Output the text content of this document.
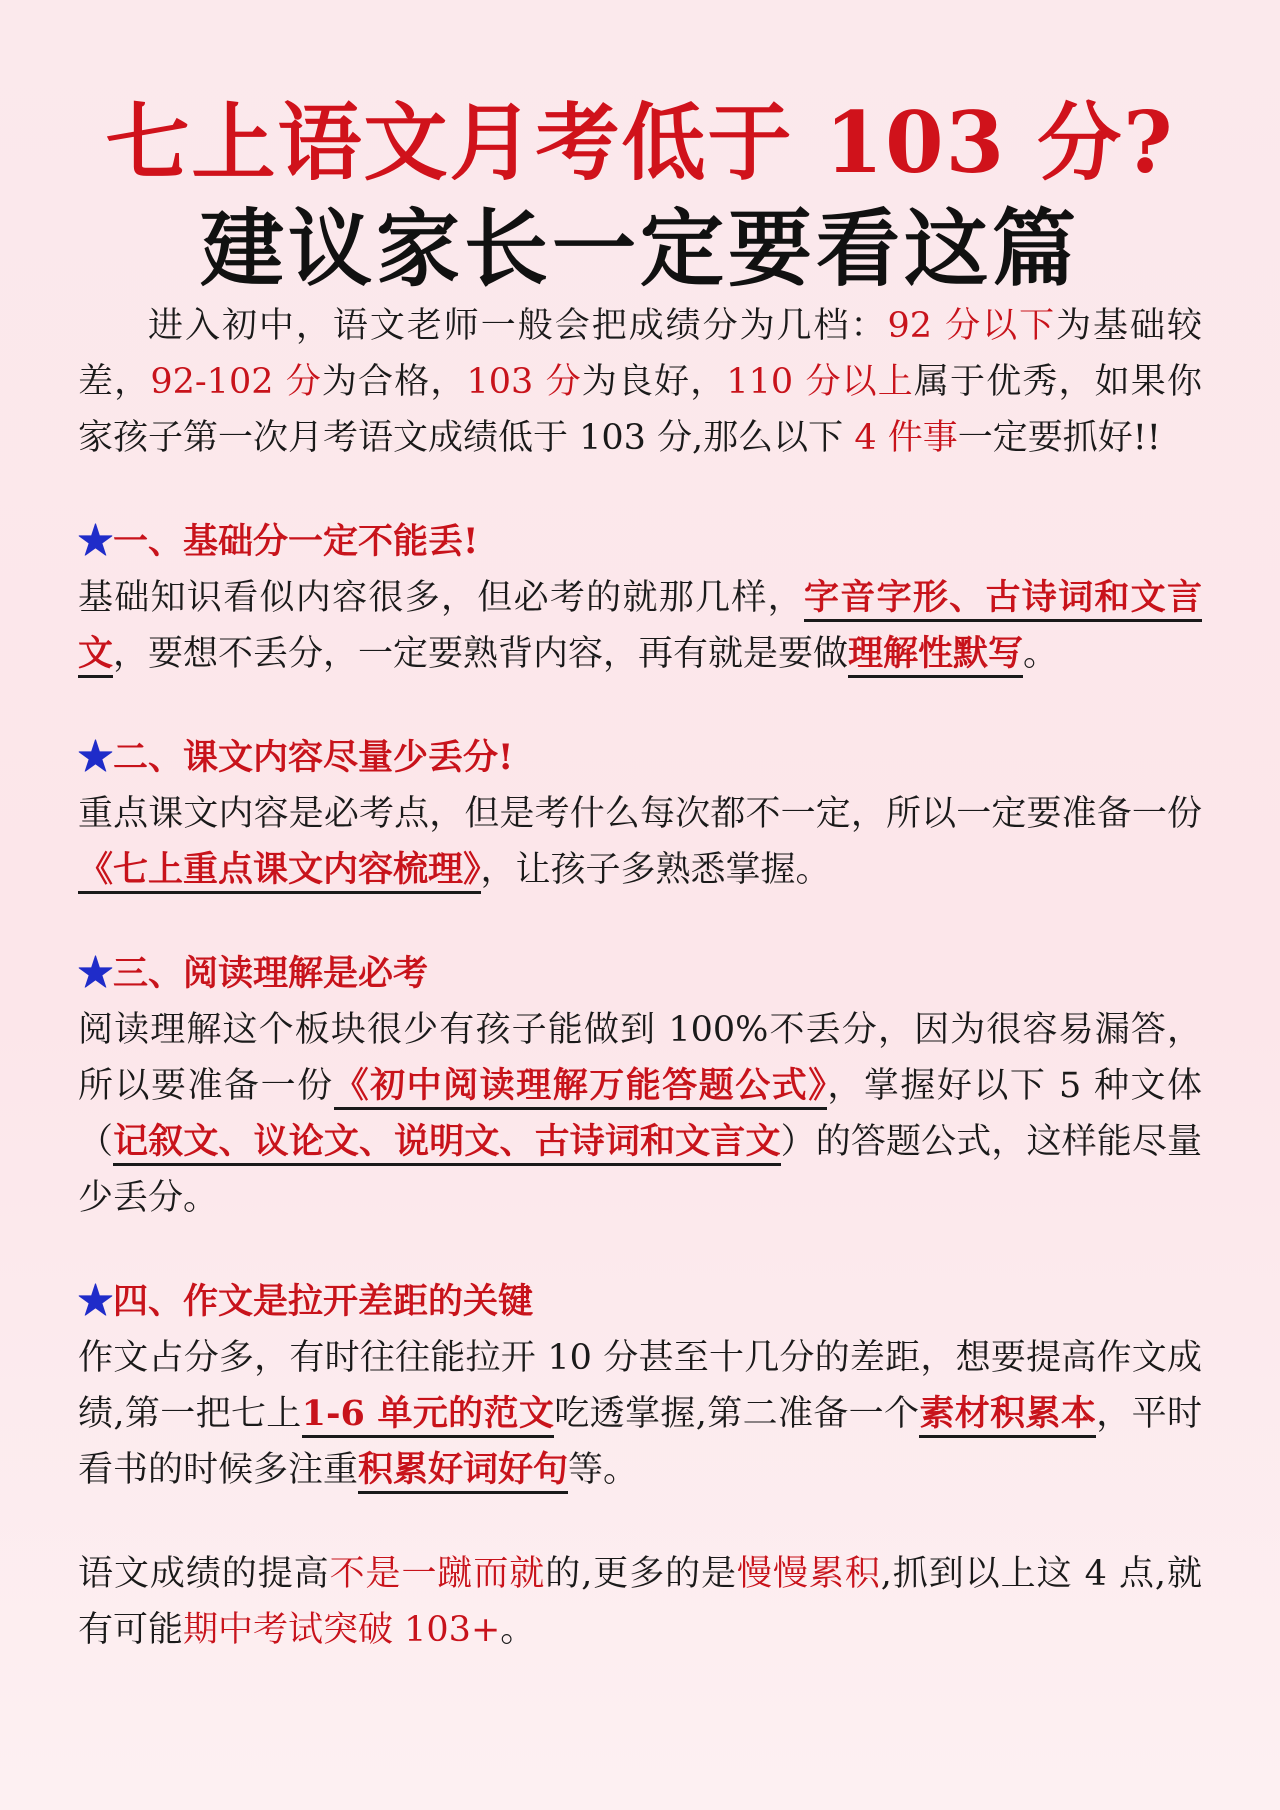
七上语文月考低于 103 分?
建议家长一定要看这篇

进入初中，语文老师一般会把成绩分为几档：92 分以下为基础较差，92-102 分为合格，103 分为良好，110 分以上属于优秀，如果你家孩子第一次月考语文成绩低于 103 分,那么以下 4 件事一定要抓好!!

★一、基础分一定不能丢!

基础知识看似内容很多，但必考的就那几样，字音字形、古诗词和文言文，要想不丢分，一定要熟背内容，再有就是要做理解性默写。

★二、课文内容尽量少丢分!

重点课文内容是必考点，但是考什么每次都不一定，所以一定要准备一份《七上重点课文内容梳理》，让孩子多熟悉掌握。

★三、阅读理解是必考

阅读理解这个板块很少有孩子能做到 100%不丢分，因为很容易漏答，所以要准备一份《初中阅读理解万能答题公式》，掌握好以下 5 种文体（记叙文、议论文、说明文、古诗词和文言文）的答题公式，这样能尽量少丢分。

★四、作文是拉开差距的关键

作文占分多，有时往往能拉开 10 分甚至十几分的差距，想要提高作文成绩,第一把七上1-6 单元的范文吃透掌握,第二准备一个素材积累本，平时看书的时候多注重积累好词好句等。

语文成绩的提高不是一蹴而就的,更多的是慢慢累积,抓到以上这 4 点,就有可能期中考试突破 103+。
